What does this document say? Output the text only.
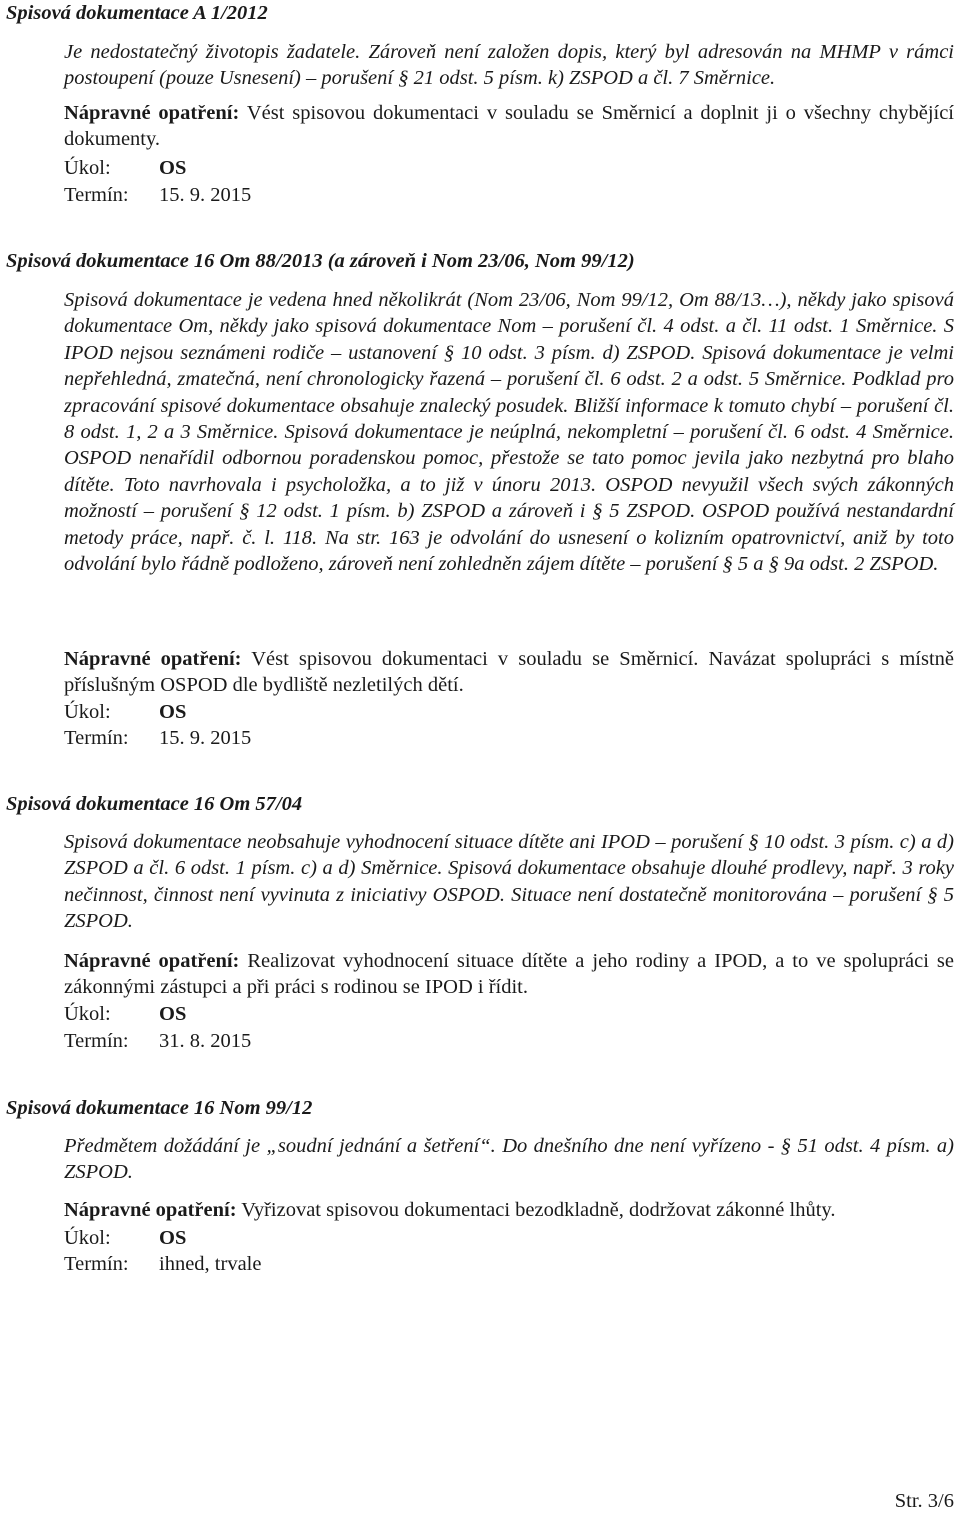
Spisová dokumentace A 1/2012
Je nedostatečný životopis žadatele. Zároveň není založen dopis, který byl adresován na MHMP v rámci postoupení (pouze Usnesení) – porušení § 21 odst. 5 písm. k) ZSPOD a čl. 7 Směrnice.
Nápravné opatření: Vést spisovou dokumentaci v souladu se Směrnicí a doplnit ji o všechny chybějící dokumenty.
Úkol: OS
Termín: 15. 9. 2015
Spisová dokumentace 16 Om 88/2013 (a zároveň i Nom 23/06, Nom 99/12)
Spisová dokumentace je vedena hned několikrát (Nom 23/06, Nom 99/12, Om 88/13…), někdy jako spisová dokumentace Om, někdy jako spisová dokumentace Nom – porušení čl. 4 odst. a čl. 11 odst. 1 Směrnice. S IPOD nejsou seznámeni rodiče – ustanovení § 10 odst. 3 písm. d) ZSPOD. Spisová dokumentace je velmi nepřehledná, zmatečná, není chronologicky řazená – porušení čl. 6 odst. 2 a odst. 5 Směrnice. Podklad pro zpracování spisové dokumentace obsahuje znalecký posudek. Bližší informace k tomuto chybí – porušení čl. 8 odst. 1, 2 a 3 Směrnice. Spisová dokumentace je neúplná, nekompletní – porušení čl. 6 odst. 4 Směrnice. OSPOD nenařídil odbornou poradenskou pomoc, přestože se tato pomoc jevila jako nezbytná pro blaho dítěte. Toto navrhovala i psycholožka, a to již v únoru 2013. OSPOD nevyužil všech svých zákonných možností – porušení § 12 odst. 1 písm. b) ZSPOD a zároveň i § 5 ZSPOD. OSPOD používá nestandardní metody práce, např. č. l. 118. Na str. 163 je odvolání do usnesení o kolizním opatrovnictví, aniž by toto odvolání bylo řádně podloženo, zároveň není zohledněn zájem dítěte – porušení § 5 a § 9a odst. 2 ZSPOD.
Nápravné opatření: Vést spisovou dokumentaci v souladu se Směrnicí. Navázat spolupráci s místně příslušným OSPOD dle bydliště nezletilých dětí.
Úkol: OS
Termín: 15. 9. 2015
Spisová dokumentace 16 Om 57/04
Spisová dokumentace neobsahuje vyhodnocení situace dítěte ani IPOD – porušení § 10 odst. 3 písm. c) a d) ZSPOD a čl. 6 odst. 1 písm. c) a d) Směrnice. Spisová dokumentace obsahuje dlouhé prodlevy, např. 3 roky nečinnost, činnost není vyvinuta z iniciativy OSPOD. Situace není dostatečně monitorována – porušení § 5 ZSPOD.
Nápravné opatření: Realizovat vyhodnocení situace dítěte a jeho rodiny a IPOD, a to ve spolupráci se zákonnými zástupci a při práci s rodinou se IPOD i řídit.
Úkol: OS
Termín: 31. 8. 2015
Spisová dokumentace 16 Nom 99/12
Předmětem dožádání je „soudní jednání a šetření“. Do dnešního dne není vyřízeno - § 51 odst. 4 písm. a) ZSPOD.
Nápravné opatření: Vyřizovat spisovou dokumentaci bezodkladně, dodržovat zákonné lhůty.
Úkol: OS
Termín: ihned, trvale
Str. 3/6
